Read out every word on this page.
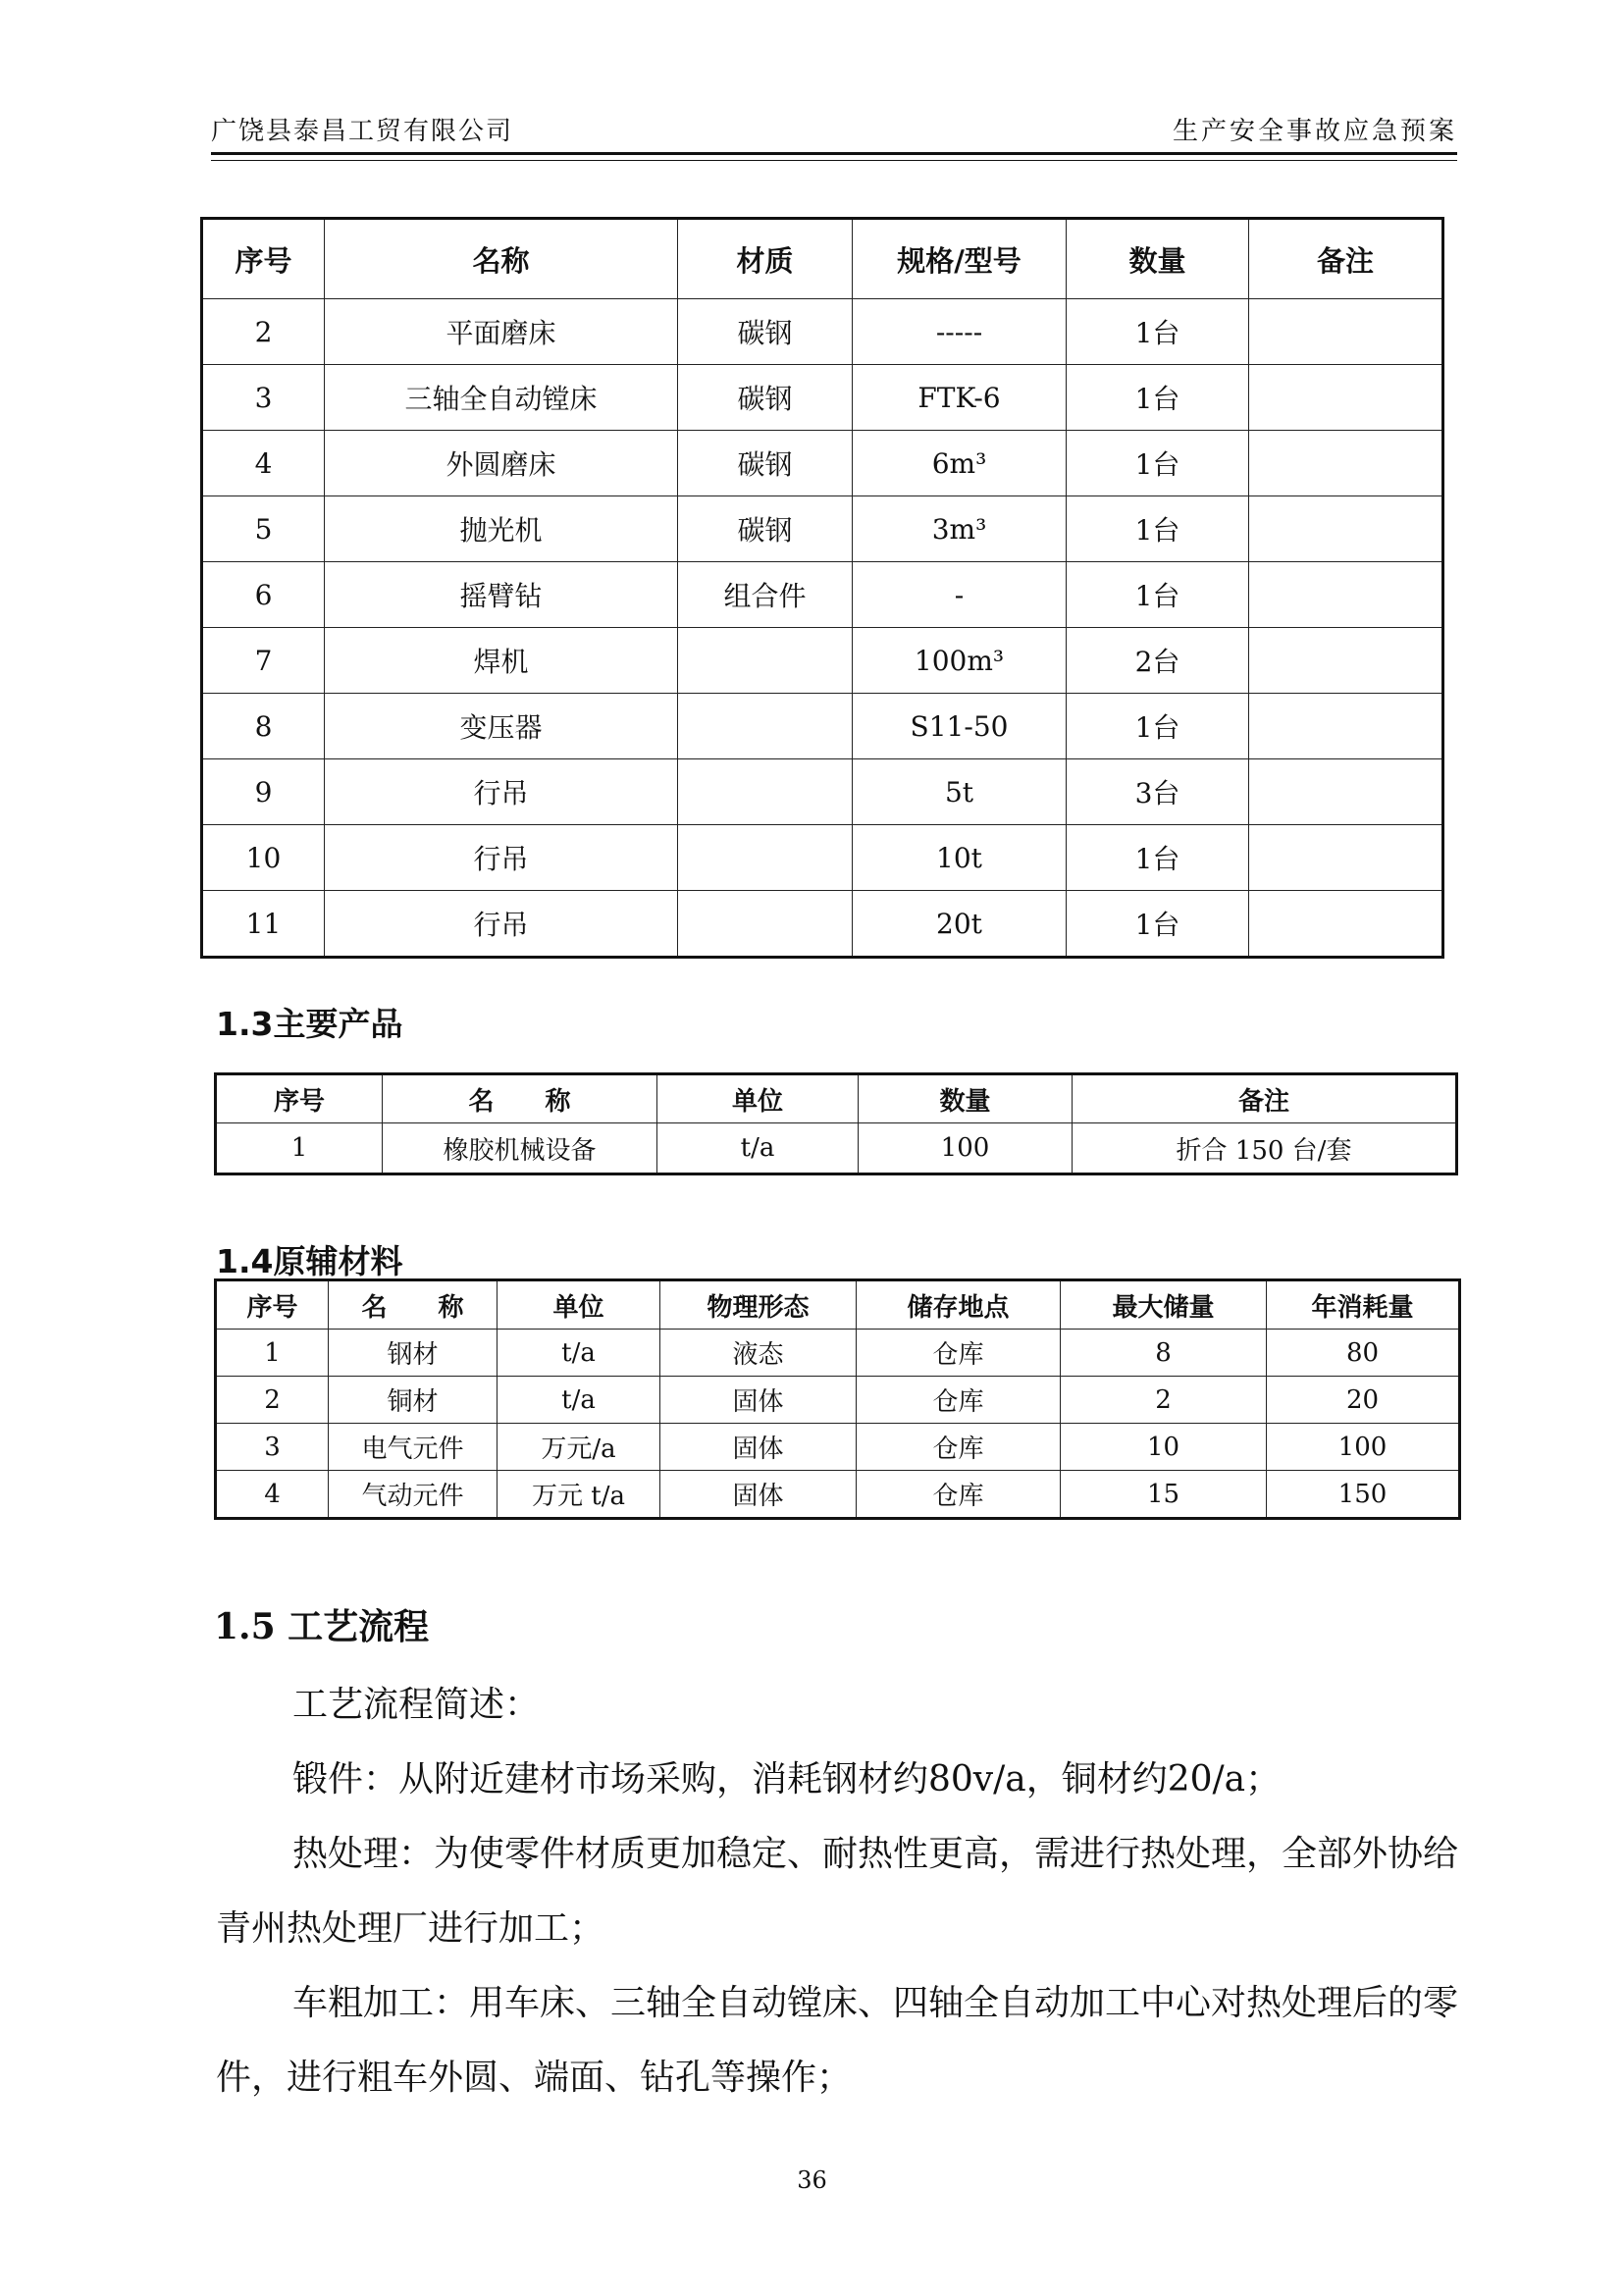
广饶县泰昌工贸有限公司	生产安全事故应急预案
序号	名称	材质	规格/型号	数量	备注
2	平面磨床	碳钢	-----	1台	
3	三轴全自动镗床	碳钢	FTK-6	1台	
4	外圆磨床	碳钢	6m³	1台	
5	抛光机	碳钢	3m³	1台	
6	摇臂钻	组合件	-	1台	
7	焊机		100m³	2台	
8	变压器		S11-50	1台	
9	行吊		5t	3台	
10	行吊		10t	1台	
11	行吊		20t	1台	
1.3主要产品
序号	名　　称	单位	数量	备注
1	橡胶机械设备	t/a	100	折合 150 台/套
1.4原辅材料
序号	名　　称	单位	物理形态	储存地点	最大储量	年消耗量
1	钢材	t/a	液态	仓库	8	80
2	铜材	t/a	固体	仓库	2	20
3	电气元件	万元/a	固体	仓库	10	100
4	气动元件	万元 t/a	固体	仓库	15	150
1.5 工艺流程

工艺流程简述：

锻件：从附近建材市场采购，消耗钢材约80v/a，铜材约20/a；

热处理：为使零件材质更加稳定、耐热性更高，需进行热处理，全部外协给青州热处理厂进行加工；

车粗加工：用车床、三轴全自动镗床、四轴全自动加工中心对热处理后的零件，进行粗车外圆、端面、钻孔等操作；

36
